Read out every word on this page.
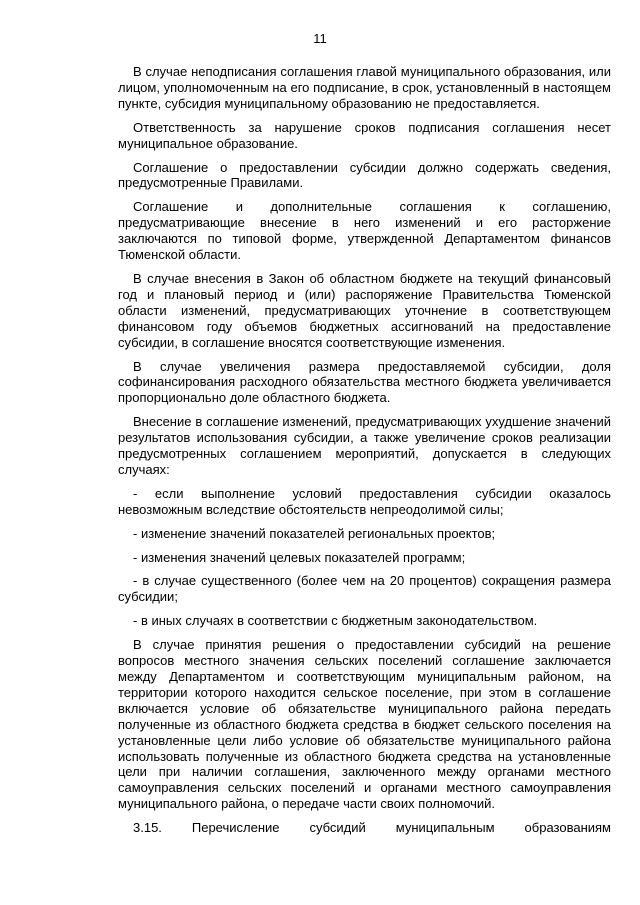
11

В случае неподписания соглашения главой муниципального образования, или лицом, уполномоченным на его подписание, в срок, установленный в настоящем пункте, субсидия муниципальному образованию не предоставляется.

Ответственность за нарушение сроков подписания соглашения несет муниципальное образование.

Соглашение о предоставлении субсидии должно содержать сведения, предусмотренные Правилами.

Соглашение и дополнительные соглашения к соглашению, предусматривающие внесение в него изменений и его расторжение заключаются по типовой форме, утвержденной Департаментом финансов Тюменской области.

В случае внесения в Закон об областном бюджете на текущий финансовый год и плановый период и (или) распоряжение Правительства Тюменской области изменений, предусматривающих уточнение в соответствующем финансовом году объемов бюджетных ассигнований на предоставление субсидии, в соглашение вносятся соответствующие изменения.

В случае увеличения размера предоставляемой субсидии, доля софинансирования расходного обязательства местного бюджета увеличивается пропорционально доле областного бюджета.

Внесение в соглашение изменений, предусматривающих ухудшение значений результатов использования субсидии, а также увеличение сроков реализации предусмотренных соглашением мероприятий, допускается в следующих случаях:

- если выполнение условий предоставления субсидии оказалось невозможным вследствие обстоятельств непреодолимой силы;

- изменение значений показателей региональных проектов;

- изменения значений целевых показателей программ;

- в случае существенного (более чем на 20 процентов) сокращения размера субсидии;

- в иных случаях в соответствии с бюджетным законодательством.

В случае принятия решения о предоставлении субсидий на решение вопросов местного значения сельских поселений соглашение заключается между Департаментом и соответствующим муниципальным районом, на территории которого находится сельское поселение, при этом в соглашение включается условие об обязательстве муниципального района передать полученные из областного бюджета средства в бюджет сельского поселения на установленные цели либо условие об обязательстве муниципального района использовать полученные из областного бюджета средства на установленные цели при наличии соглашения, заключенного между органами местного самоуправления сельских поселений и органами местного самоуправления муниципального района, о передаче части своих полномочий.

3.15. Перечисление субсидий муниципальным образованиям
